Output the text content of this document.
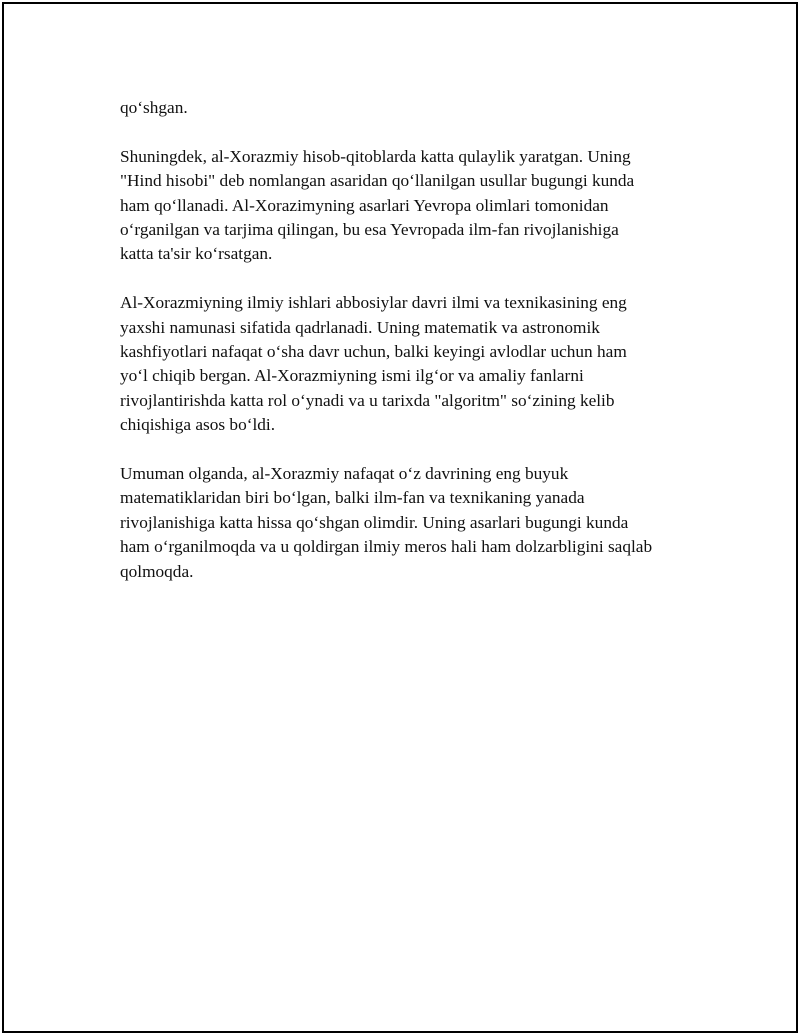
qo‘shgan.

Shuningdek, al-Xorazmiy hisob-qitoblarda katta qulaylik yaratgan. Uning
"Hind hisobi" deb nomlangan asaridan qo‘llanilgan usullar bugungi kunda
ham qo‘llanadi. Al-Xorazimyning asarlari Yevropa olimlari tomonidan
o‘rganilgan va tarjima qilingan, bu esa Yevropada ilm-fan rivojlanishiga
katta ta'sir ko‘rsatgan.

Al-Xorazmiyning ilmiy ishlari abbosiylar davri ilmi va texnikasining eng
yaxshi namunasi sifatida qadrlanadi. Uning matematik va astronomik
kashfiyotlari nafaqat o‘sha davr uchun, balki keyingi avlodlar uchun ham
yo‘l chiqib bergan. Al-Xorazmiyning ismi ilg‘or va amaliy fanlarni
rivojlantirishda katta rol o‘ynadi va u tarixda "algoritm" so‘zining kelib
chiqishiga asos bo‘ldi.

Umuman olganda, al-Xorazmiy nafaqat o‘z davrining eng buyuk
matematiklaridan biri bo‘lgan, balki ilm-fan va texnikaning yanada
rivojlanishiga katta hissa qo‘shgan olimdir. Uning asarlari bugungi kunda
ham o‘rganilmoqda va u qoldirgan ilmiy meros hali ham dolzarbligini saqlab
qolmoqda.
